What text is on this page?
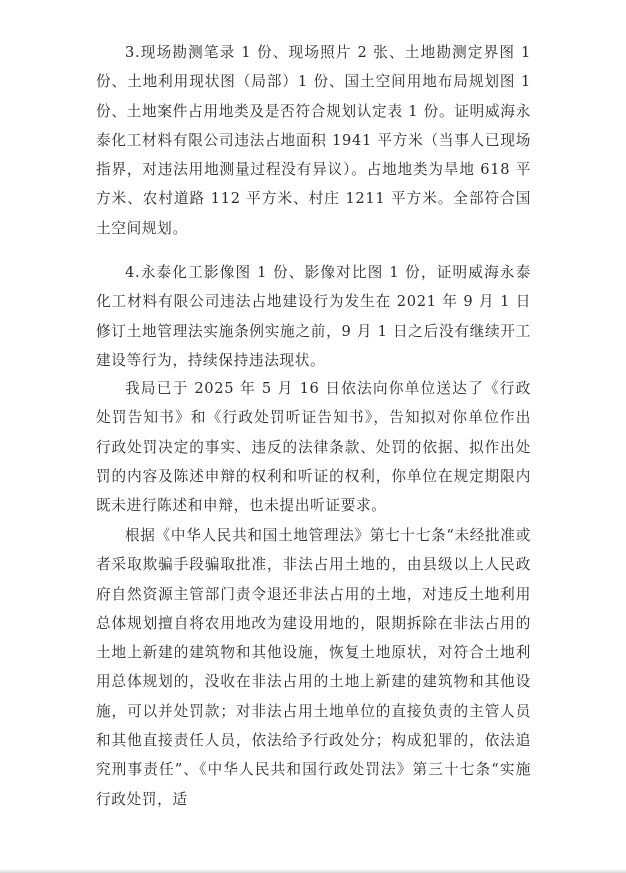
3.现场勘测笔录 1 份、现场照片 2 张、土地勘测定界图 1 份、土地利用现状图（局部）1 份、国土空间用地布局规划图 1 份、土地案件占用地类及是否符合规划认定表 1 份。证明威海永泰化工材料有限公司违法占地面积 1941 平方米（当事人已现场指界，对违法用地测量过程没有异议）。占地地类为旱地 618 平方米、农村道路 112 平方米、村庄 1211 平方米。全部符合国土空间规划。

4.永泰化工影像图 1 份、影像对比图 1 份，证明威海永泰化工材料有限公司违法占地建设行为发生在 2021 年 9 月 1 日修订土地管理法实施条例实施之前，9 月 1 日之后没有继续开工建设等行为，持续保持违法现状。

我局已于 2025 年 5 月 16 日依法向你单位送达了《行政处罚告知书》和《行政处罚听证告知书》，告知拟对你单位作出行政处罚决定的事实、违反的法律条款、处罚的依据、拟作出处罚的内容及陈述申辩的权利和听证的权利，你单位在规定期限内既未进行陈述和申辩，也未提出听证要求。

根据《中华人民共和国土地管理法》第七十七条“未经批准或者采取欺骗手段骗取批准，非法占用土地的，由县级以上人民政府自然资源主管部门责令退还非法占用的土地，对违反土地利用总体规划擅自将农用地改为建设用地的，限期拆除在非法占用的土地上新建的建筑物和其他设施，恢复土地原状，对符合土地利用总体规划的，没收在非法占用的土地上新建的建筑物和其他设施，可以并处罚款；对非法占用土地单位的直接负责的主管人员和其他直接责任人员，依法给予行政处分；构成犯罪的，依法追究刑事责任”、《中华人民共和国行政处罚法》第三十七条“实施行政处罚，适
